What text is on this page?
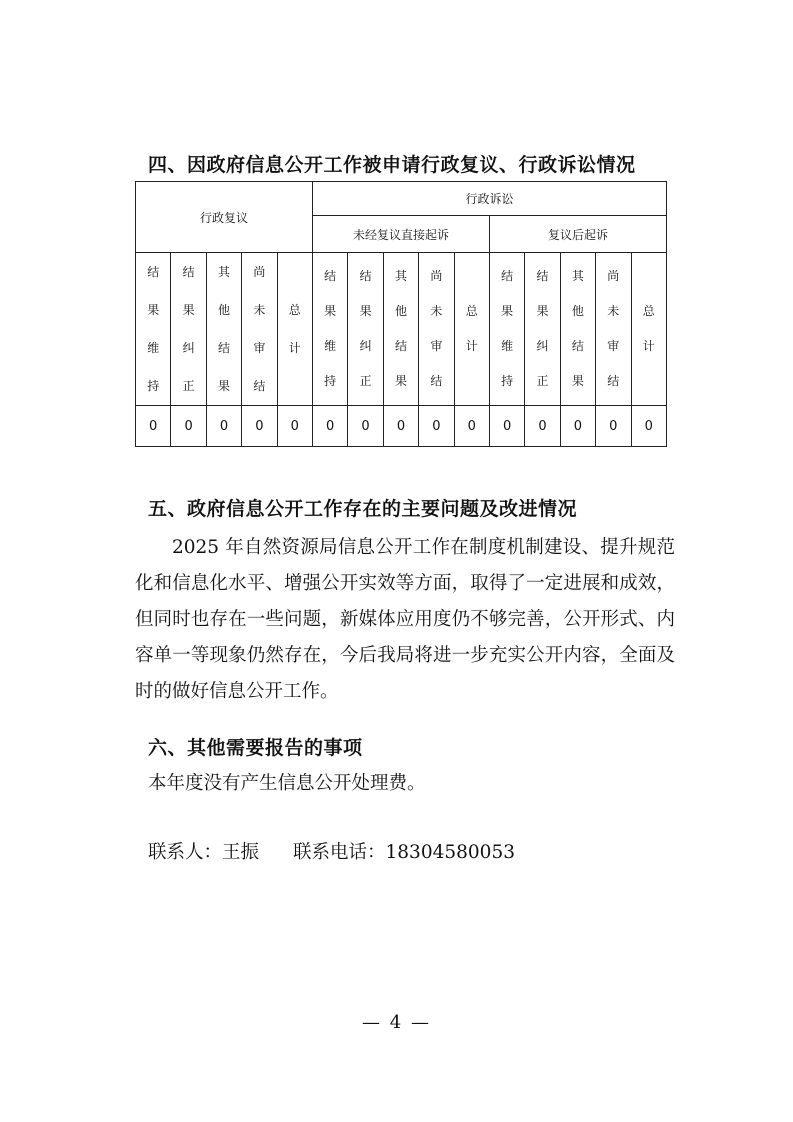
四、因政府信息公开工作被申请行政复议、行政诉讼情况
行政复议					行政诉讼									
					未经复议直接起诉					复议后起诉				

结
果
维
持	结
果
纠
正	其
他
结
果	尚
未
审
结	总
计	结
果
维
持	结
果
纠
正	其
他
结
果	尚
未
审
结	总
计	结
果
维
持	结
果
纠
正	其
他
结
果	尚
未
审
结	总
计

0	0	0	0	0	0	0	0	0	0	0	0	0	0	0
五、政府信息公开工作存在的主要问题及改进情况
2025 年自然资源局信息公开工作在制度机制建设、提升规范化和信息化水平、增强公开实效等方面，取得了一定进展和成效，但同时也存在一些问题，新媒体应用度仍不够完善，公开形式、内容单一等现象仍然存在，今后我局将进一步充实公开内容，全面及时的做好信息公开工作。
六、其他需要报告的事项
本年度没有产生信息公开处理费。
联系人：王振 联系电话：18304580053
— 4 —
